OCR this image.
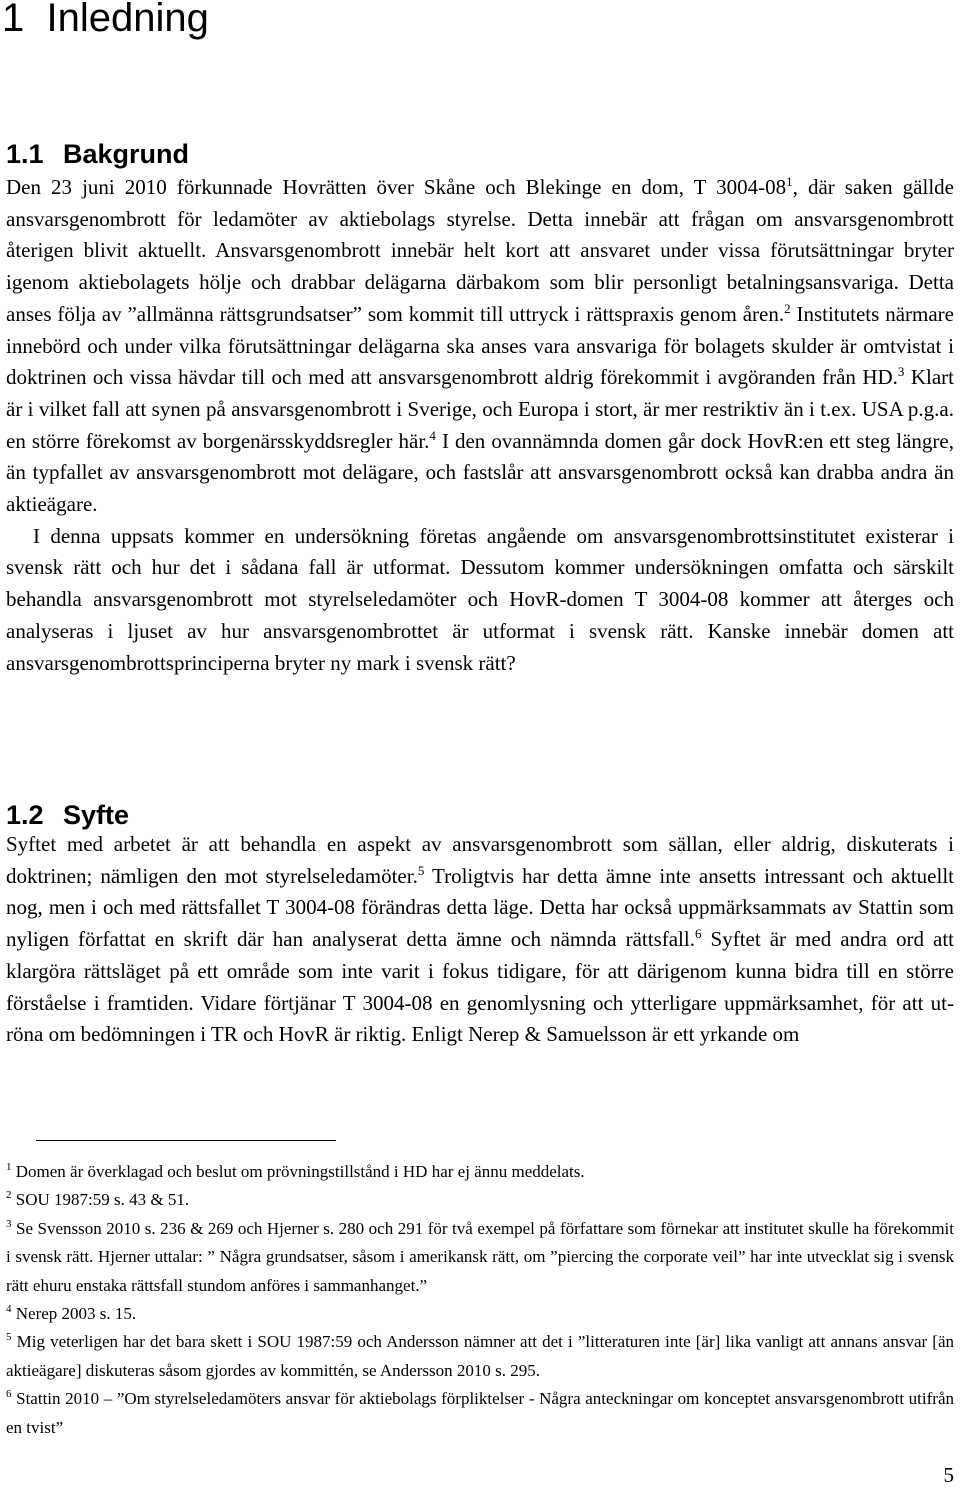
1 Inledning
1.1 Bakgrund

Den 23 juni 2010 förkunnade Hovrätten över Skåne och Blekinge en dom, T $3004-08^1$, där saken gällde ansvarsgenombrott för ledamöter av aktiebolags styrelse. Detta innebär att frågan om ansvarsgenombrott återigen blivit aktuellt. Ansvarsgenombrott innebär helt kort att ansvaret under vissa förutsättningar bryter igenom aktiebolagets hölje och drabbar delägarna därbakom som blir personligt betalningsansvariga. Detta anses följa av ”allmänna rättsgrundsatser” som kommit till uttryck i rättspraxis genom åren.$^2$ Institutets närmare innebörd och under vilka förutsättningar delägarna ska anses vara ansvariga för bolagets skulder är omtvistat i doktrinen och vissa hävdar till och med att ansvarsgenombrott aldrig förekommit i avgöranden från HD.$^3$ Klart är i vilket fall att synen på ansvarsgenombrott i Sverige, och Europa i stort, är mer restriktiv än i t.ex. USA p.g.a. en större förekomst av borgenärsskyddsregler här.$^4$ I den ovannämnda domen går dock HovR:en ett steg längre, än typfallet av ansvarsgenombrott mot delägare, och fastslår att ansvarsgenombrott också kan drabba andra än aktieägare.

I denna uppsats kommer en undersökning företas angående om ansvarsgenombrottsinstitutet existerar i svensk rätt och hur det i sådana fall är utformat. Dessutom kommer undersökningen omfatta och särskilt behandla ansvarsgenombrott mot styrelseledamöter och HovR-domen T 3004-08 kommer att återges och analyseras i ljuset av hur ansvarsgenombrottet är utformat i svensk rätt. Kanske innebär domen att ansvarsgenombrottsprinciperna bryter ny mark i svensk rätt?

1.2 Syfte

Syftet med arbetet är att behandla en aspekt av ansvarsgenombrott som sällan, eller aldrig, diskuterats i doktrinen; nämligen den mot styrelseledamöter.$^5$ Troligtvis har detta ämne inte ansetts intressant och aktuellt nog, men i och med rättsfallet T 3004-08 förändras detta läge. Detta har också uppmärksammats av Stattin som nyligen författat en skrift där han analyserat detta ämne och nämnda rättsfall.$^6$ Syftet är med andra ord att klargöra rättsläget på ett område som inte varit i fokus tidigare, för att därigenom kunna bidra till en större förståelse i framtiden. Vidare förtjänar T 3004-08 en genomlysning och ytterligare uppmärksamhet, för att utröna om bedömningen i TR och HovR är riktig. Enligt Nerep & Samuelsson är ett yrkande om

$^1$ Domen är överklagad och beslut om prövningstillstånd i HD har ej ännu meddelats.

$^2$ SOU 1987:59 s. 43 & 51.

$^3$ Se Svensson 2010 s. 236 & 269 och Hjerner s. 280 och 291 för två exempel på författare som förnekar att institutet skulle ha förekommit i svensk rätt. Hjerner uttalar: ” Några grundsatser, såsom i amerikansk rätt, om ”piercing the corporate veil” har inte utvecklat sig i svensk rätt ehuru enstaka rättsfall stundom anföres i sammanhanget.”

$^4$ Nerep 2003 s. 15.

$^5$ Mig veterligen har det bara skett i SOU 1987:59 och Andersson nämner att det i ”litteraturen inte [är] lika vanligt att annans ansvar [än aktieägare] diskuteras såsom gjordes av kommittén, se Andersson 2010 s. 295.

$^6$ Stattin 2010 – ”Om styrelseledamöters ansvar för aktiebolags förpliktelser - Några anteckningar om konceptet ansvarsgenombrott utifrån en tvist”

5
